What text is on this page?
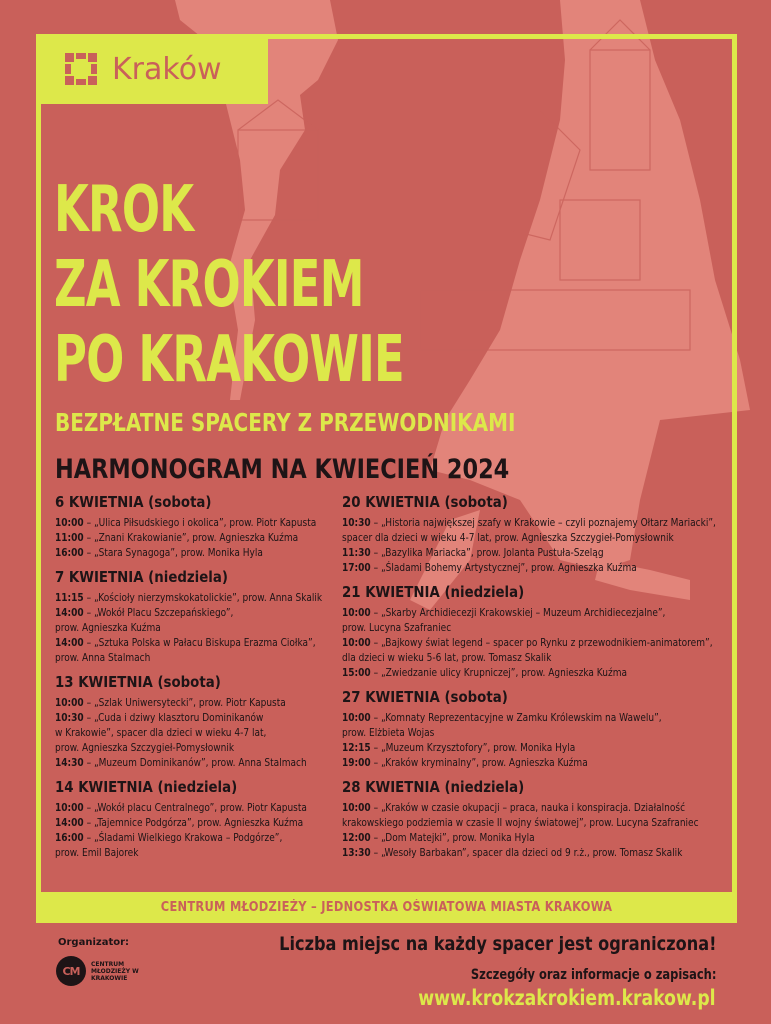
Kraków
KROK
ZA KROKIEM
PO KRAKOWIE
BEZPŁATNE SPACERY Z PRZEWODNIKAMI
HARMONOGRAM NA KWIECIEŃ 2024
6 KWIETNIA (sobota)
10:00 – „Ulica Piłsudskiego i okolica”, prow. Piotr Kapusta
11:00 – „Znani Krakowianie”, prow. Agnieszka Kuźma
16:00 – „Stara Synagoga”, prow. Monika Hyla
7 KWIETNIA (niedziela)
11:15 – „Kościoły nierzymskokatolickie”, prow. Anna Skalik
14:00 – „Wokół Placu Szczepańskiego”,
prow. Agnieszka Kuźma
14:00 – „Sztuka Polska w Pałacu Biskupa Erazma Ciołka”,
prow. Anna Stalmach
13 KWIETNIA (sobota)
10:00 – „Szlak Uniwersytecki”, prow. Piotr Kapusta
10:30 – „Cuda i dziwy klasztoru Dominikanów
w Krakowie”, spacer dla dzieci w wieku 4-7 lat,
prow. Agnieszka Szczygieł-Pomysłownik
14:30 – „Muzeum Dominikanów”, prow. Anna Stalmach
14 KWIETNIA (niedziela)
10:00 – „Wokół placu Centralnego”, prow. Piotr Kapusta
14:00 – „Tajemnice Podgórza”, prow. Agnieszka Kuźma
16:00 – „Śladami Wielkiego Krakowa – Podgórze”,
prow. Emil Bajorek
20 KWIETNIA (sobota)
10:30 – „Historia największej szafy w Krakowie – czyli poznajemy Ołtarz Mariacki”,
spacer dla dzieci w wieku 4-7 lat, prow. Agnieszka Szczygieł-Pomysłownik
11:30 – „Bazylika Mariacka”, prow. Jolanta Pustuła-Szeląg
17:00 – „Śladami Bohemy Artystycznej”, prow. Agnieszka Kuźma
21 KWIETNIA (niedziela)
10:00 – „Skarby Archidiecezji Krakowskiej – Muzeum Archidiecezjalne”,
prow. Lucyna Szafraniec
10:00 – „Bajkowy świat legend – spacer po Rynku z przewodnikiem-animatorem”,
dla dzieci w wieku 5-6 lat, prow. Tomasz Skalik
15:00 – „Zwiedzanie ulicy Krupniczej”, prow. Agnieszka Kuźma
27 KWIETNIA (sobota)
10:00 – „Komnaty Reprezentacyjne w Zamku Królewskim na Wawelu”,
prow. Elżbieta Wojas
12:15 – „Muzeum Krzysztofory”, prow. Monika Hyla
19:00 – „Kraków kryminalny”, prow. Agnieszka Kuźma
28 KWIETNIA (niedziela)
10:00 – „Kraków w czasie okupacji – praca, nauka i konspiracja. Działalność
krakowskiego podziemia w czasie II wojny światowej”, prow. Lucyna Szafraniec
12:00 – „Dom Matejki”, prow. Monika Hyla
13:30 – „Wesoły Barbakan”, spacer dla dzieci od 9 r.ż., prow. Tomasz Skalik
CENTRUM MŁODZIEŻY – JEDNOSTKA OŚWIATOWA MIASTA KRAKOWA
Organizator:
CM
CENTRUM MŁODZIEŻY W KRAKOWIE
Liczba miejsc na każdy spacer jest ograniczona!
Szczegóły oraz informacje o zapisach:
www.krokzakrokiem.krakow.pl
